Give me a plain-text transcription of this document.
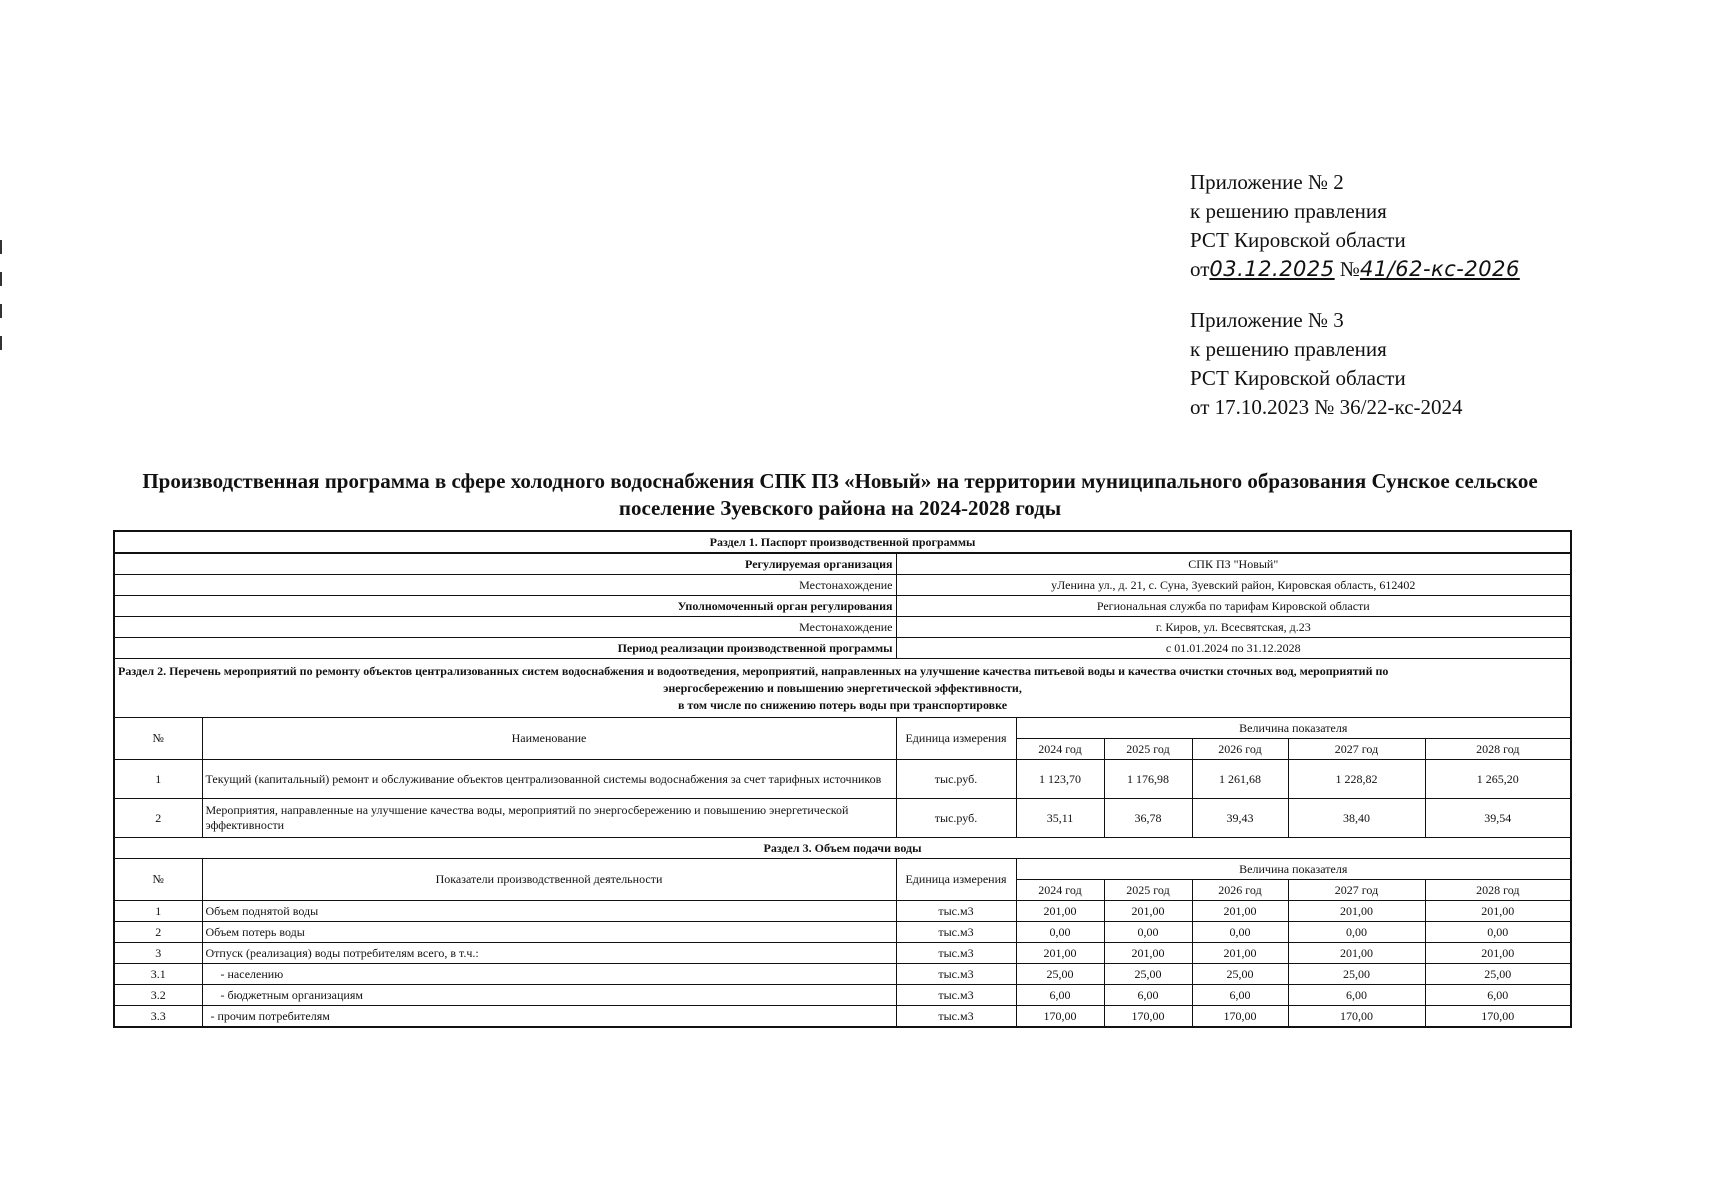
Приложение № 2
к решению правления
РСТ Кировской области
от03.12.2025 №41/62-кс-2026
Приложение № 3
к решению правления
РСТ Кировской области
от 17.10.2023 № 36/22-кс-2024
Производственная программа в сфере холодного водоснабжения СПК ПЗ «Новый» на территории муниципального образования Сунское сельское поселение Зуевского района на 2024-2028 годы
Раздел 1. Паспорт производственной программы							
Регулируемая организация		СПК ПЗ "Новый"					
Местонахождение		уЛенина ул., д. 21, с. Суна, Зуевский район, Кировская область, 612402					
Уполномоченный орган регулирования		Региональная служба по тарифам Кировской области					
Местонахождение		г. Киров, ул. Всесвятская, д.23					
Период реализации производственной программы		с 01.01.2024 по 31.12.2028					

Раздел 2. Перечень мероприятий по ремонту объектов централизованных систем водоснабжения и водоотведения, мероприятий, направленных на улучшение качества питьевой воды и качества очистки сточных вод, мероприятий по
энергосбережению и повышению энергетической эффективности,
в том числе по снижению потерь воды при транспортировке							

№	Наименование	Единица измерения	Величина показателя				
			2024 год	2025 год	2026 год	2027 год	2028 год
1	Текущий (капитальный) ремонт и обслуживание объектов централизованной системы водоснабжения за счет тарифных источников	тыс.руб.	1 123,70	1 176,98	1 261,68	1 228,82	1 265,20
2	Мероприятия, направленные на улучшение качества воды, мероприятий по энергосбережению и повышению энергетической эффективности	тыс.руб.	35,11	36,78	39,43	38,40	39,54
Раздел 3. Объем подачи воды							
№	Показатели производственной деятельности	Единица измерения	Величина показателя				
			2024 год	2025 год	2026 год	2027 год	2028 год
1	Объем поднятой воды	тыс.м3	201,00	201,00	201,00	201,00	201,00
2	Объем потерь воды	тыс.м3	0,00	0,00	0,00	0,00	0,00
3	Отпуск (реализация) воды потребителям всего, в т.ч.:	тыс.м3	201,00	201,00	201,00	201,00	201,00
3.1	- населению	тыс.м3	25,00	25,00	25,00	25,00	25,00
3.2	- бюджетным организациям	тыс.м3	6,00	6,00	6,00	6,00	6,00
3.3	- прочим потребителям	тыс.м3	170,00	170,00	170,00	170,00	170,00
